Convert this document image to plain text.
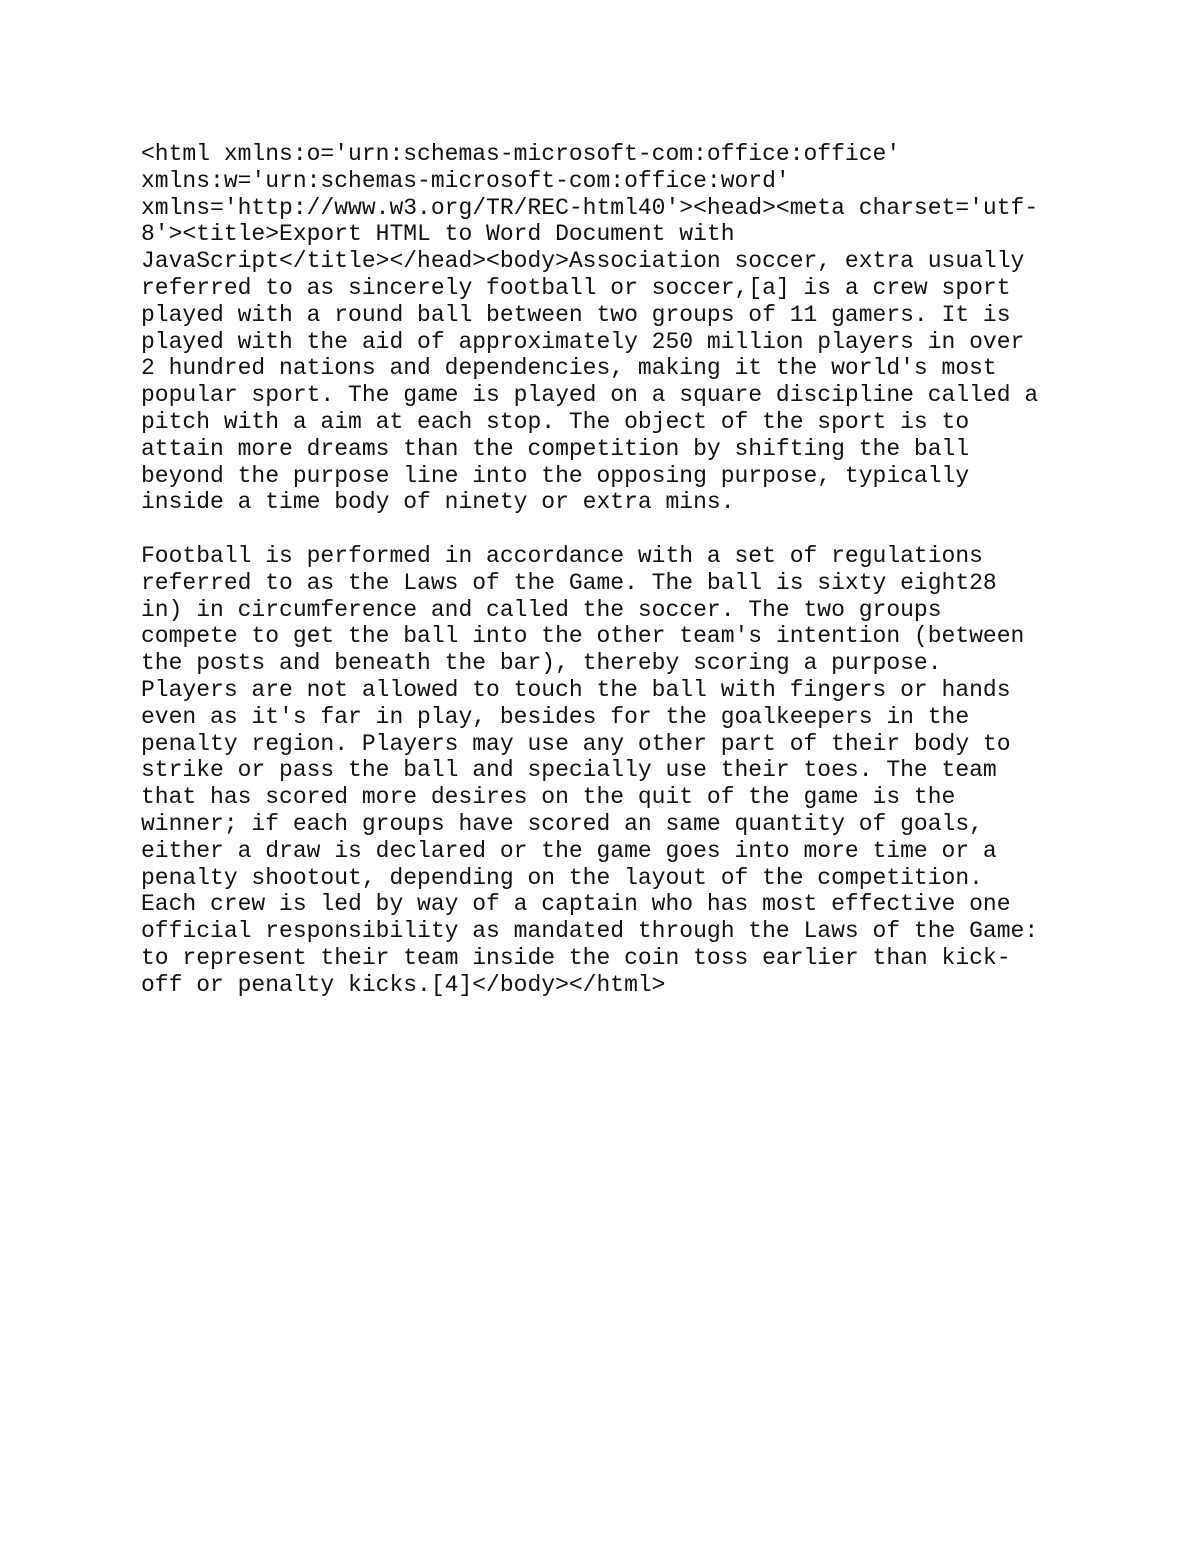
<html xmlns:o='urn:schemas-microsoft-com:office:office'
xmlns:w='urn:schemas-microsoft-com:office:word'
xmlns='http://www.w3.org/TR/REC-html40'><head><meta charset='utf-
8'><title>Export HTML to Word Document with
JavaScript</title></head><body>Association soccer, extra usually
referred to as sincerely football or soccer,[a] is a crew sport
played with a round ball between two groups of 11 gamers. It is
played with the aid of approximately 250 million players in over
2 hundred nations and dependencies, making it the world's most
popular sport. The game is played on a square discipline called a
pitch with a aim at each stop. The object of the sport is to
attain more dreams than the competition by shifting the ball
beyond the purpose line into the opposing purpose, typically
inside a time body of ninety or extra mins.

Football is performed in accordance with a set of regulations
referred to as the Laws of the Game. The ball is sixty eight28
in) in circumference and called the soccer. The two groups
compete to get the ball into the other team's intention (between
the posts and beneath the bar), thereby scoring a purpose.
Players are not allowed to touch the ball with fingers or hands
even as it's far in play, besides for the goalkeepers in the
penalty region. Players may use any other part of their body to
strike or pass the ball and specially use their toes. The team
that has scored more desires on the quit of the game is the
winner; if each groups have scored an same quantity of goals,
either a draw is declared or the game goes into more time or a
penalty shootout, depending on the layout of the competition.
Each crew is led by way of a captain who has most effective one
official responsibility as mandated through the Laws of the Game:
to represent their team inside the coin toss earlier than kick-
off or penalty kicks.[4]</body></html>
